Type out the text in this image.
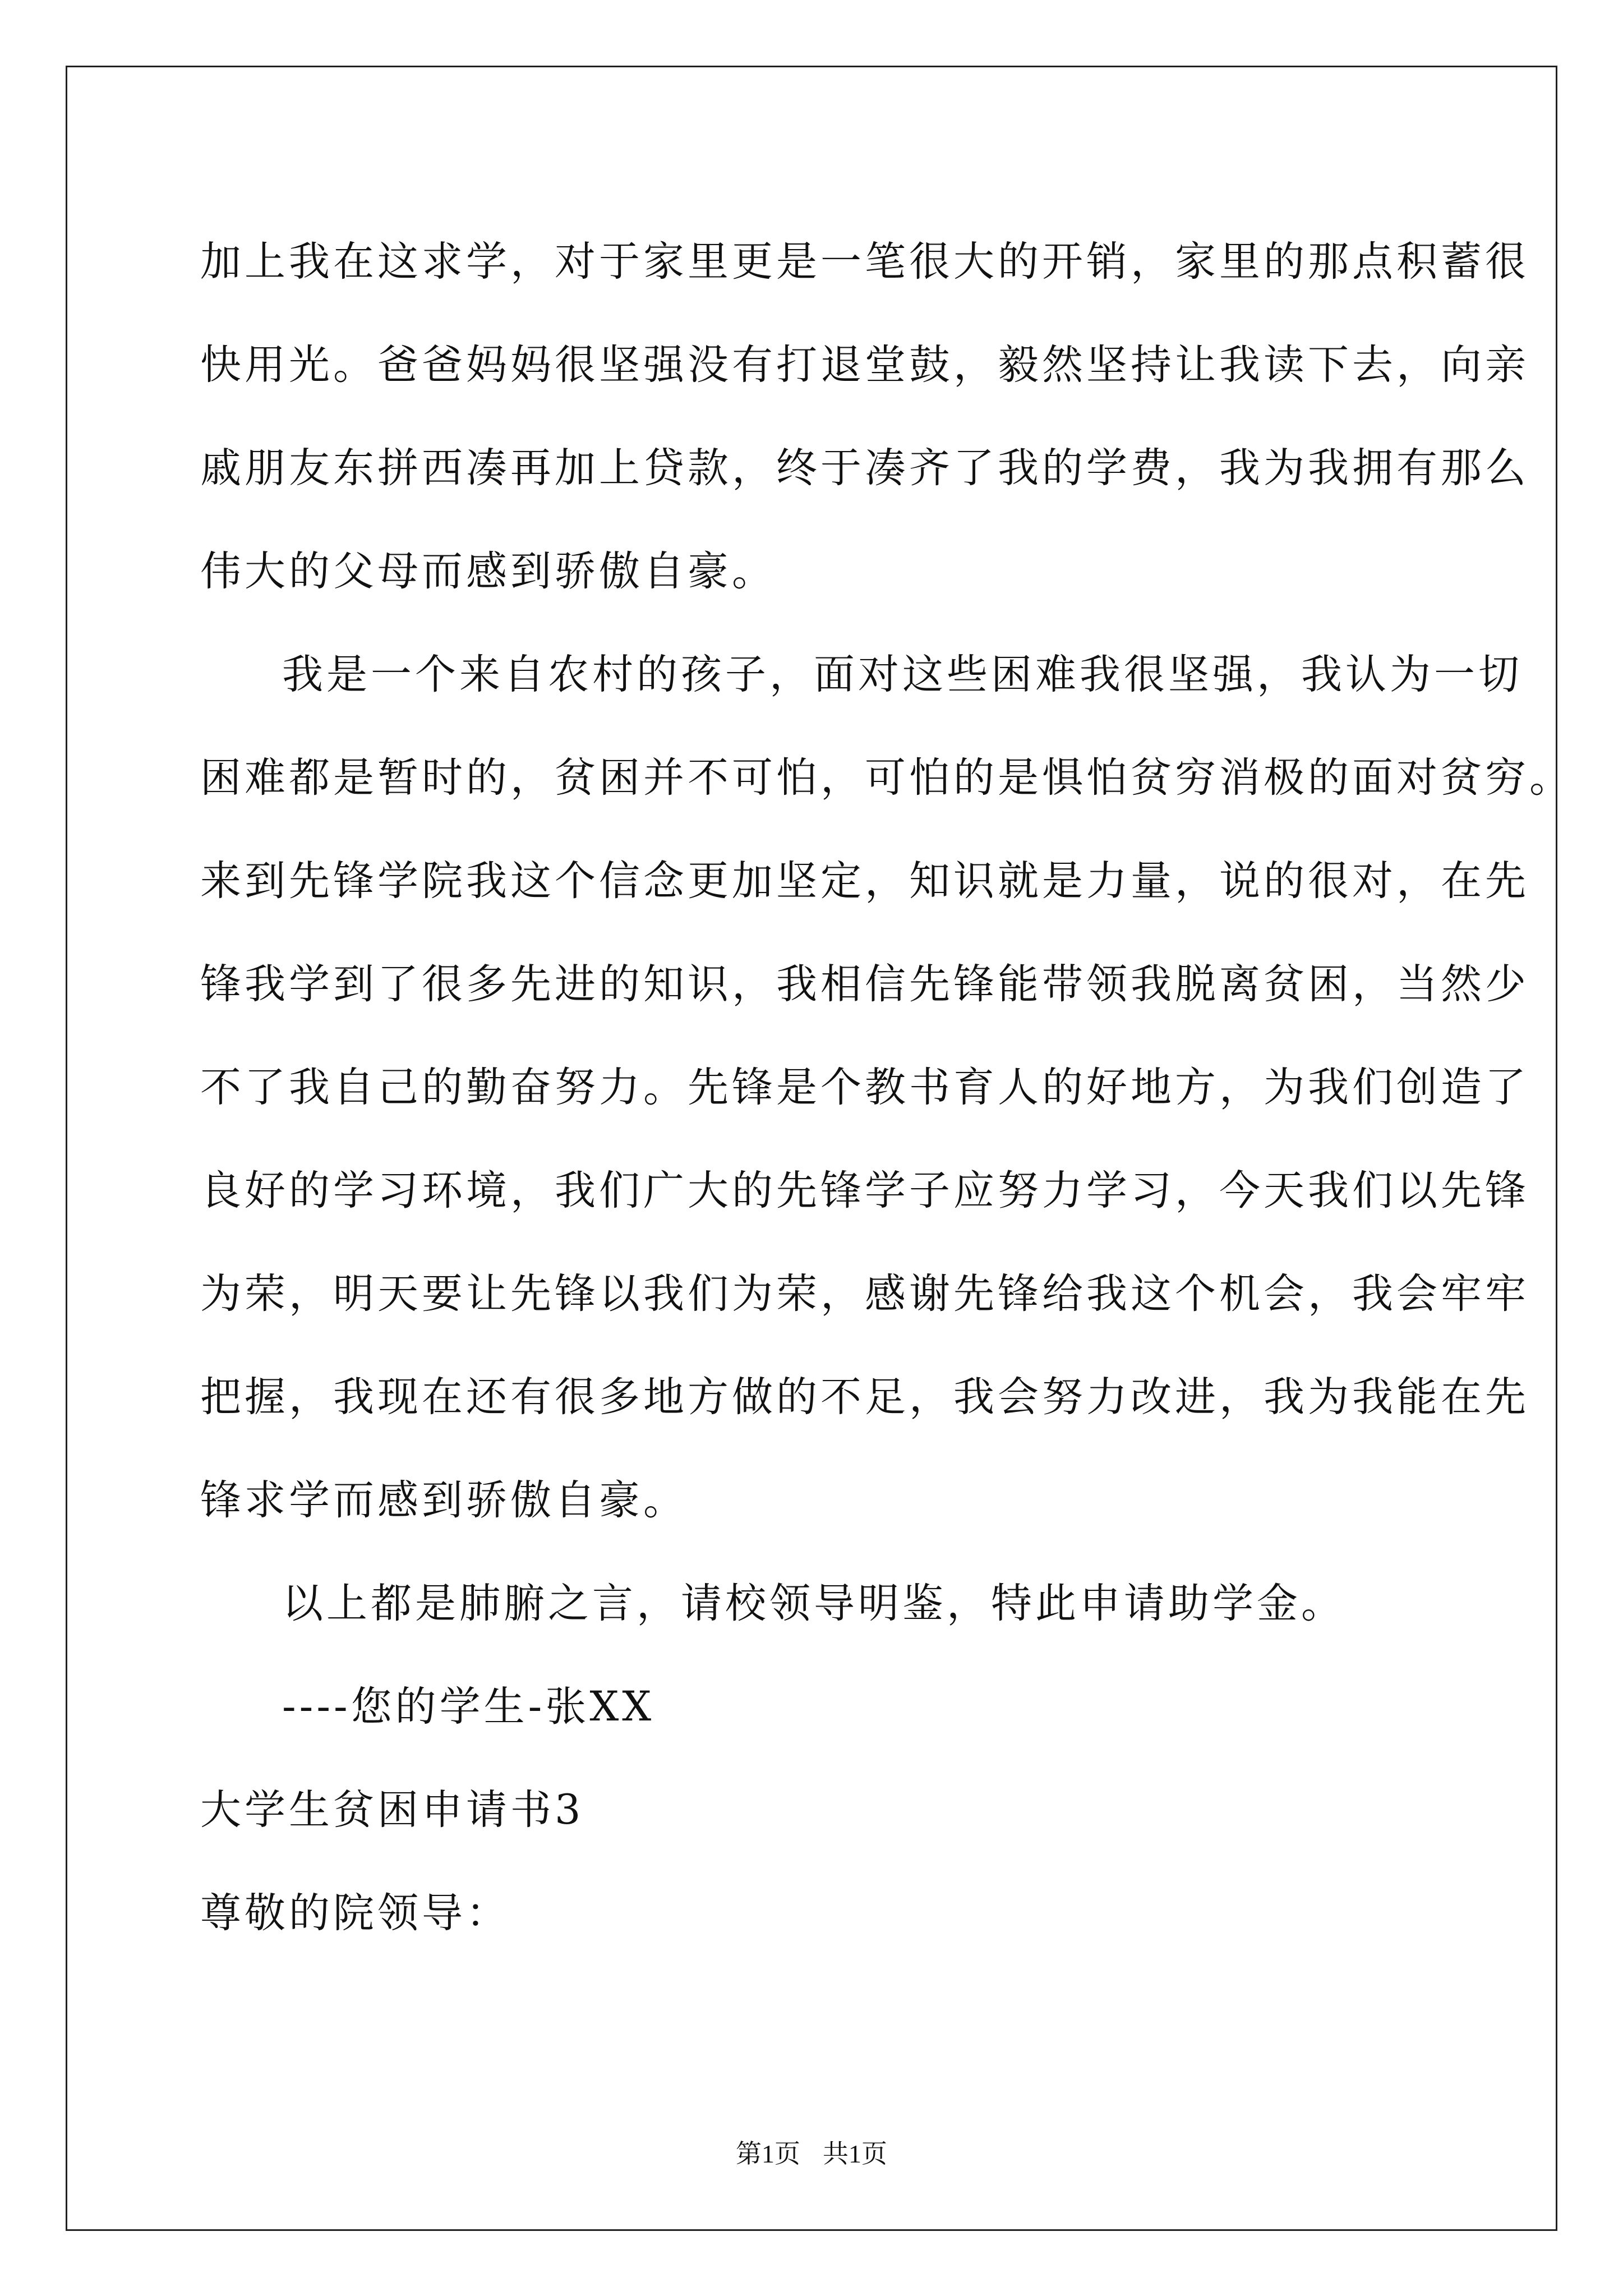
加上我在这求学，对于家里更是一笔很大的开销，家里的那点积蓄很
快用光。爸爸妈妈很坚强没有打退堂鼓，毅然坚持让我读下去，向亲
戚朋友东拼西凑再加上贷款，终于凑齐了我的学费，我为我拥有那么
伟大的父母而感到骄傲自豪。
我是一个来自农村的孩子，面对这些困难我很坚强，我认为一切
困难都是暂时的，贫困并不可怕，可怕的是惧怕贫穷消极的面对贫穷。
来到先锋学院我这个信念更加坚定，知识就是力量，说的很对，在先
锋我学到了很多先进的知识，我相信先锋能带领我脱离贫困，当然少
不了我自己的勤奋努力。先锋是个教书育人的好地方，为我们创造了
良好的学习环境，我们广大的先锋学子应努力学习，今天我们以先锋
为荣，明天要让先锋以我们为荣，感谢先锋给我这个机会，我会牢牢
把握，我现在还有很多地方做的不足，我会努力改进，我为我能在先
锋求学而感到骄傲自豪。
以上都是肺腑之言，请校领导明鉴，特此申请助学金。
----您的学生-张XX
大学生贫困申请书3
尊敬的院领导：
第1页 共1页
